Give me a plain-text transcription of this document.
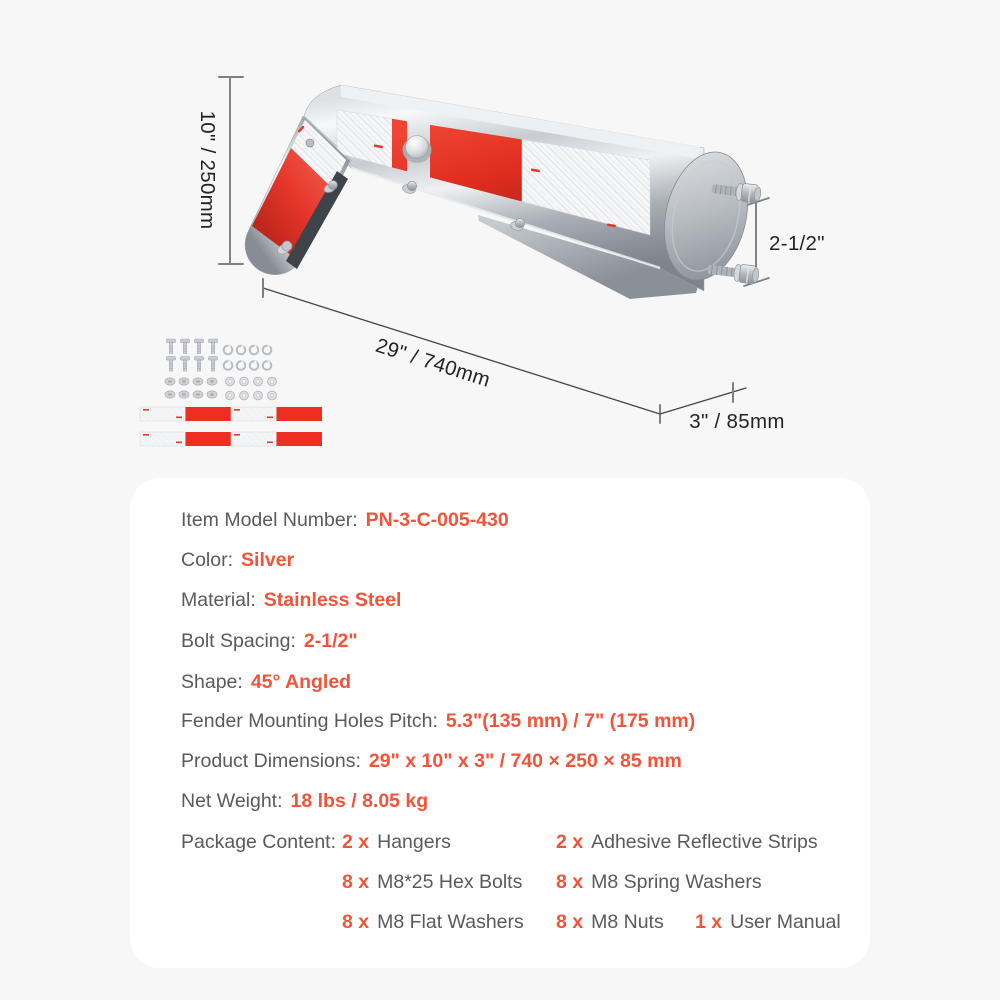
10" / 250mm
29" / 740mm
3" / 85mm
2-1/2"
Item Model Number: PN-3-C-005-430
Color: Silver
Material: Stainless Steel
Bolt Spacing: 2-1/2"
Shape: 45° Angled
Fender Mounting Holes Pitch: 5.3"(135 mm) / 7" (175 mm)
Product Dimensions: 29" x 10" x 3" / 740 × 250 × 85 mm
Net Weight: 18 lbs / 8.05 kg
Package Content: 2 x Hangers	2 x Adhesive Reflective Strips
8 x M8*25 Hex Bolts 8 x M8 Spring Washers
8 x M8 Flat Washers 8 x M8 Nuts 1 x User Manual
